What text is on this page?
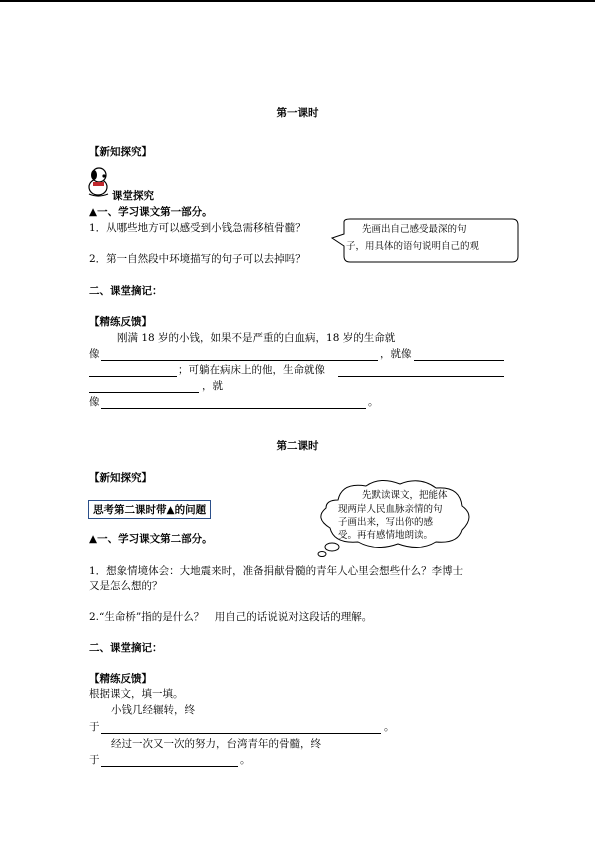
第一课时
【新知探究】
课堂探究
▲一、学习课文第一部分。
1．从哪些地方可以感受到小钱急需移植骨髓？
2．第一自然段中环境描写的句子可以去掉吗？
先画出自己感受最深的句
子，用具体的语句说明自己的观
二、课堂摘记：
【精练反馈】
刚满 18 岁的小钱，如果不是严重的白血病，18 岁的生命就
像	，就像
；可躺在病床上的他，生命就像
，就
像	。
第二课时
【新知探究】
思考第二课时带▲的问题
▲一、学习课文第二部分。
先默读课文，把能体
现两岸人民血脉亲情的句
子画出来，写出你的感
受。再有感情地朗读。
1．想象情境体会：大地震来时，准备捐献骨髓的青年人心里会想些什么？李博士
又是怎么想的？
2.“生命桥”指的是什么？　用自己的话说说对这段话的理解。
二、课堂摘记：
【精练反馈】
根据课文，填一填。
小钱几经辗转，终
于	。
经过一次又一次的努力，台湾青年的骨髓，终
于	。
